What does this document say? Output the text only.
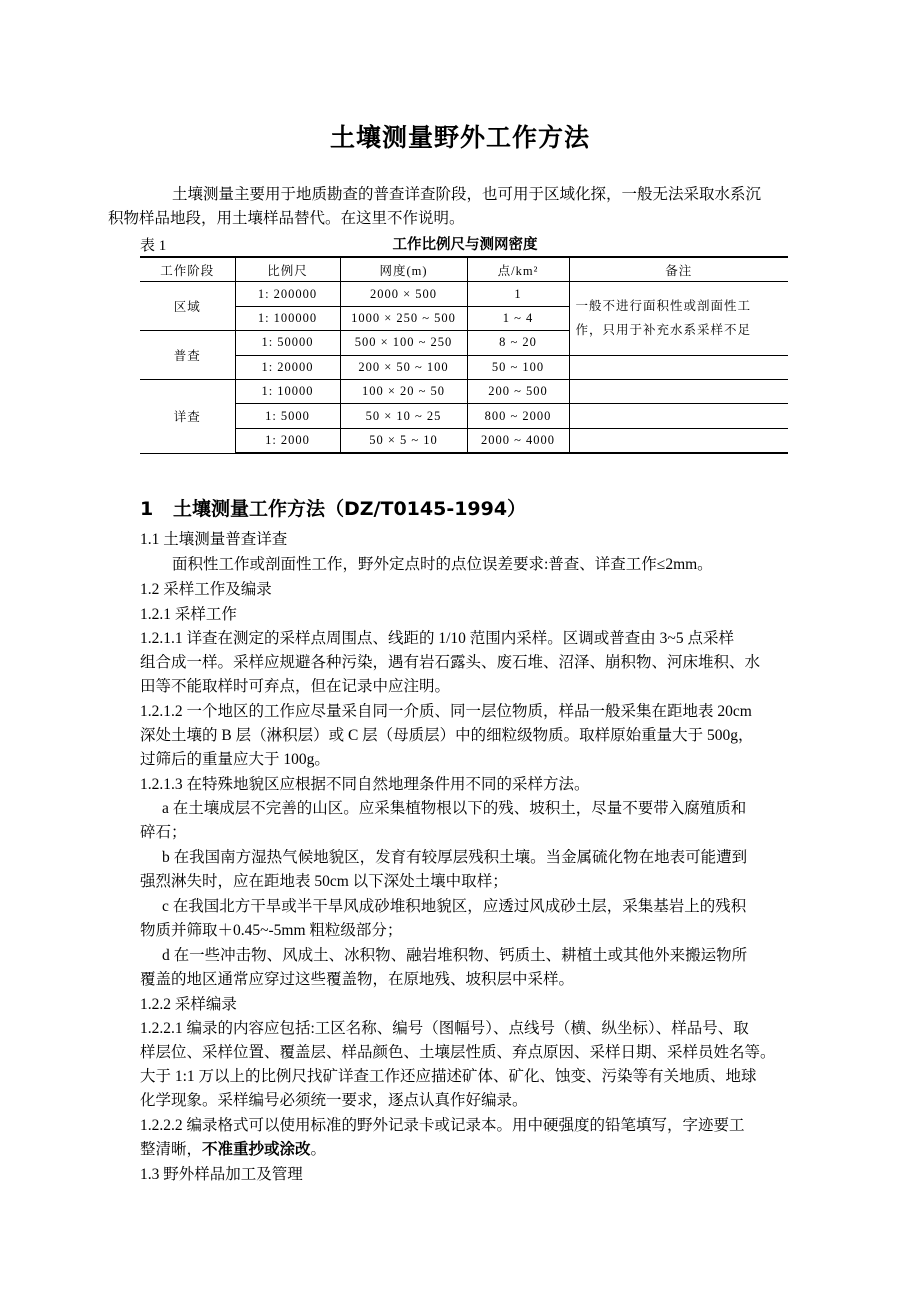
土壤测量野外工作方法
土壤测量主要用于地质勘查的普查详查阶段，也可用于区域化探，一般无法采取水系沉
积物样品地段，用土壤样品替代。在这里不作说明。
表 1	工作比例尺与测网密度
工作阶段	比例尺	网度(m)	点/km²	备注
区域	1: 200000	2000 × 500	1	一般不进行面积性或剖面性工
作，只用于补充水系采样不足
	1: 100000	1000 × 250 ~ 500	1 ~ 4	
普查	1: 50000	500 × 100 ~ 250	8 ~ 20	
	1: 20000	200 × 50 ~ 100	50 ~ 100	
详查	1: 10000	100 × 20 ~ 50	200 ~ 500	
	1: 5000	50 × 10 ~ 25	800 ~ 2000	
	1: 2000	50 × 5 ~ 10	2000 ~ 4000	
1 土壤测量工作方法（DZ/T0145-1994）
1.1 土壤测量普查详查
面积性工作或剖面性工作，野外定点时的点位误差要求:普查、详查工作≤2mm。
1.2 采样工作及编录
1.2.1 采样工作
1.2.1.1 详查在测定的采样点周围点、线距的 1/10 范围内采样。区调或普查由 3~5 点采样
组合成一样。采样应规避各种污染，遇有岩石露头、废石堆、沼泽、崩积物、河床堆积、水
田等不能取样时可弃点，但在记录中应注明。
1.2.1.2 一个地区的工作应尽量采自同一介质、同一层位物质，样品一般采集在距地表 20cm
深处土壤的 B 层（淋积层）或 C 层（母质层）中的细粒级物质。取样原始重量大于 500g，
过筛后的重量应大于 100g。
1.2.1.3 在特殊地貌区应根据不同自然地理条件用不同的采样方法。
a 在土壤成层不完善的山区。应采集植物根以下的残、坡积土，尽量不要带入腐殖质和
碎石；
b 在我国南方湿热气候地貌区，发育有较厚层残积土壤。当金属硫化物在地表可能遭到
强烈淋失时，应在距地表 50cm 以下深处土壤中取样；
c 在我国北方干旱或半干旱风成砂堆积地貌区，应透过风成砂土层，采集基岩上的残积
物质并筛取＋0.45~-5mm 粗粒级部分；
d 在一些冲击物、风成土、冰积物、融岩堆积物、钙质土、耕植土或其他外来搬运物所
覆盖的地区通常应穿过这些覆盖物，在原地残、坡积层中采样。
1.2.2 采样编录
1.2.2.1 编录的内容应包括:工区名称、编号（图幅号）、点线号（横、纵坐标）、样品号、取
样层位、采样位置、覆盖层、样品颜色、土壤层性质、弃点原因、采样日期、采样员姓名等。
大于 1:1 万以上的比例尺找矿详查工作还应描述矿体、矿化、蚀变、污染等有关地质、地球
化学现象。采样编号必须统一要求，逐点认真作好编录。
1.2.2.2 编录格式可以使用标准的野外记录卡或记录本。用中硬强度的铅笔填写，字迹要工
整清晰，不准重抄或涂改。
1.3 野外样品加工及管理
